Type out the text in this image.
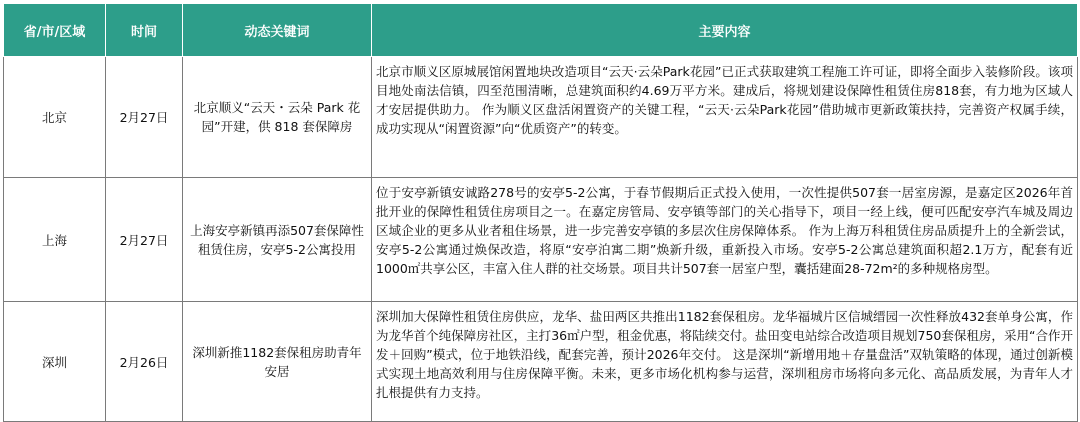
省/市/区域	时间	动态关键词	主要内容
北京	2月27日	北京顺义“云天・云朵 Park 花园”开建，供 818 套保障房	北京市顺义区原城展馆闲置地块改造项目“云天·云朵Park花园”已正式获取建筑工程施工许可证，即将全面步入装修阶段。该项目地处南法信镇，四至范围清晰，总建筑面积约4.69万平方米。建成后，将规划建设保障性租赁住房818套，有力地为区域人才安居提供助力。 作为顺义区盘活闲置资产的关键工程，“云天·云朵Park花园”借助城市更新政策扶持，完善资产权属手续，成功实现从“闲置资源”向“优质资产”的转变。
上海	2月27日	上海安亭新镇再添507套保障性租赁住房，安亭5-2公寓投用	位于安亭新镇安诚路278号的安亭5-2公寓，于春节假期后正式投入使用，一次性提供507套一居室房源，是嘉定区2026年首批开业的保障性租赁住房项目之一。在嘉定房管局、安亭镇等部门的关心指导下，项目一经上线，便可匹配安亭汽车城及周边区域企业的更多从业者租住场景，进一步完善安亭镇的多层次住房保障体系。 作为上海万科租赁住房品质提升上的全新尝试，安亭5-2公寓通过焕保改造，将原“安亭泊寓二期”焕新升级，重新投入市场。安亭5-2公寓总建筑面积超2.1万方，配套有近1000㎡共享公区，丰富入住人群的社交场景。项目共计507套一居室户型，囊括建面28-72m²的多种规格房型。
深圳	2月26日	深圳新推1182套保租房助青年安居	深圳加大保障性租赁住房供应，龙华、盐田两区共推出1182套保租房。龙华福城片区信城缙园一次性释放432套单身公寓，作为龙华首个纯保障房社区，主打36㎡户型，租金优惠，将陆续交付。盐田变电站综合改造项目规划750套保租房，采用“合作开发＋回购”模式，位于地铁沿线，配套完善，预计2026年交付。 这是深圳“新增用地＋存量盘活”双轨策略的体现，通过创新模式实现土地高效利用与住房保障平衡。未来，更多市场化机构参与运营，深圳租房市场将向多元化、高品质发展，为青年人才扎根提供有力支持。
